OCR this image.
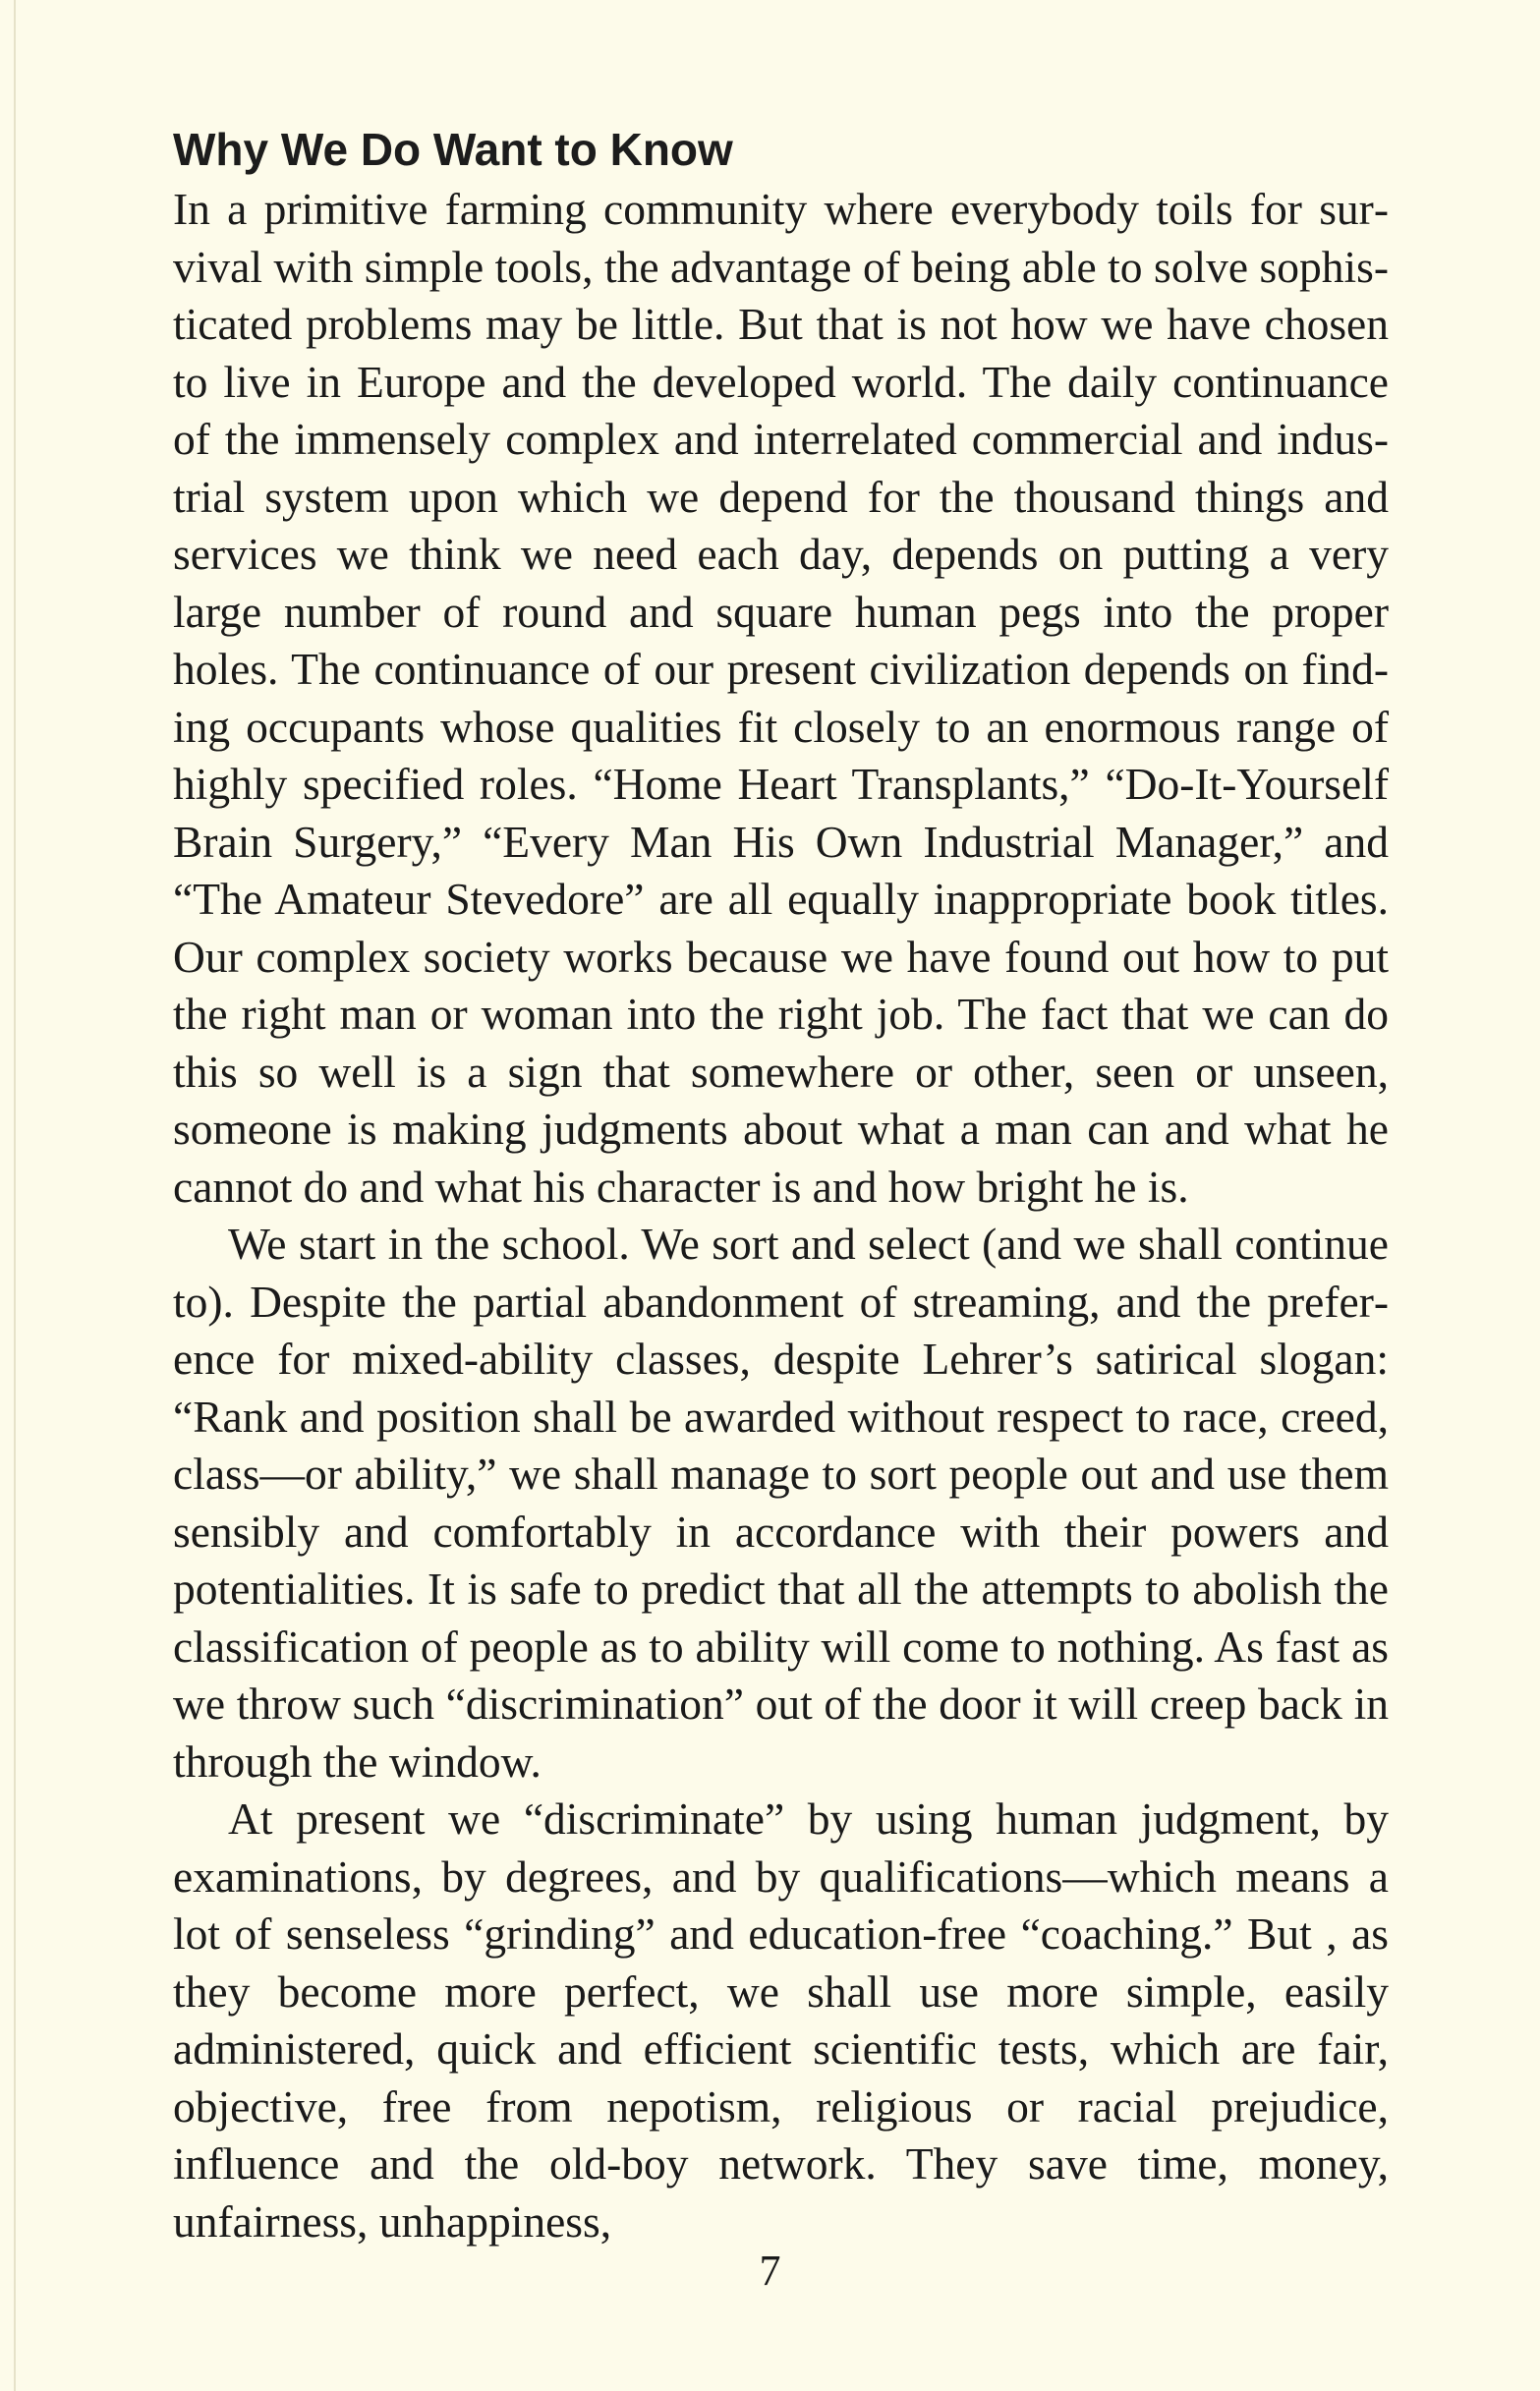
Why We Do Want to Know

In a primitive farming community where everybody toils for survival with simple tools, the advantage of being able to solve sophisticated problems may be little. But that is not how we have chosen to live in Europe and the developed world. The daily continuance of the immensely complex and interrelated commercial and industrial system upon which we depend for the thousand things and services we think we need each day, depends on putting a very large number of round and square human pegs into the proper holes. The continuance of our present civilization depends on finding occupants whose qualities fit closely to an enormous range of highly specified roles. “Home Heart Transplants,” “Do-It-Yourself Brain Surgery,” “Every Man His Own Industrial Manager,” and “The Amateur Stevedore” are all equally inappropriate book titles. Our complex society works because we have found out how to put the right man or woman into the right job. The fact that we can do this so well is a sign that somewhere or other, seen or unseen, someone is making judgments about what a man can and what he cannot do and what his character is and how bright he is.

We start in the school. We sort and select (and we shall continue to). Despite the partial abandonment of streaming, and the preference for mixed-ability classes, despite Lehrer’s satirical slogan: “Rank and position shall be awarded without respect to race, creed, class—or ability,” we shall manage to sort people out and use them sensibly and comfortably in accordance with their powers and potentialities. It is safe to predict that all the attempts to abolish the classification of people as to ability will come to nothing. As fast as we throw such “discrimination” out of the door it will creep back in through the window.

At present we “discriminate” by using human judgment, by examinations, by degrees, and by qualifications—which means a lot of senseless “grinding” and education-free “coaching.” But , as they become more perfect, we shall use more simple, easily administered, quick and efficient scientific tests, which are fair, objective, free from nepotism, religious or racial prejudice, influence and the old-boy network. They save time, money, unfairness, unhappiness,

7
